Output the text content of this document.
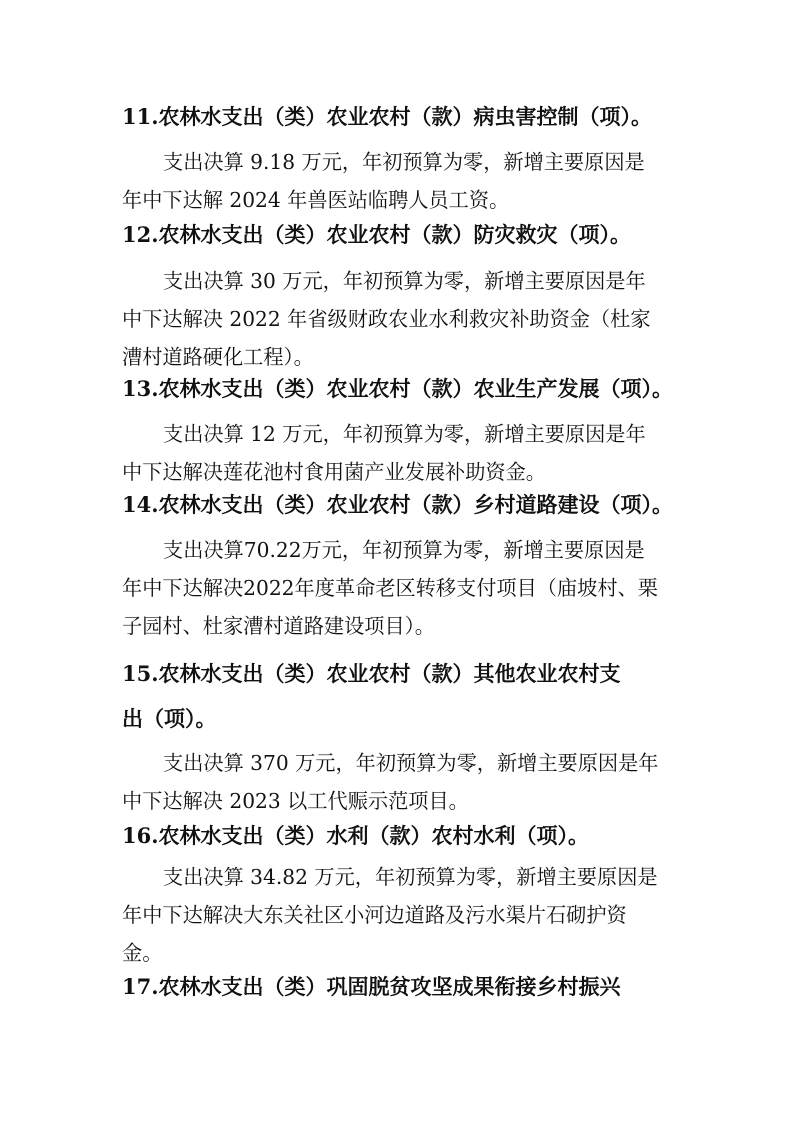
11.农林水支出（类）农业农村（款）病虫害控制（项）。
支出决算 9.18 万元，年初预算为零，新增主要原因是
年中下达解 2024 年兽医站临聘人员工资。
12.农林水支出（类）农业农村（款）防灾救灾（项）。
支出决算 30 万元，年初预算为零，新增主要原因是年
中下达解决 2022 年省级财政农业水利救灾补助资金（杜家
漕村道路硬化工程）。
13.农林水支出（类）农业农村（款）农业生产发展（项）。
支出决算 12 万元，年初预算为零，新增主要原因是年
中下达解决莲花池村食用菌产业发展补助资金。
14.农林水支出（类）农业农村（款）乡村道路建设（项）。
支出决算70.22万元，年初预算为零，新增主要原因是
年中下达解决2022年度革命老区转移支付项目（庙坡村、栗
子园村、杜家漕村道路建设项目）。
15.农林水支出（类）农业农村（款）其他农业农村支
出（项）。
支出决算 370 万元，年初预算为零，新增主要原因是年
中下达解决 2023 以工代赈示范项目。
16.农林水支出（类）水利（款）农村水利（项）。
支出决算 34.82 万元，年初预算为零，新增主要原因是
年中下达解决大东关社区小河边道路及污水渠片石砌护资
金。
17.农林水支出（类）巩固脱贫攻坚成果衔接乡村振兴
